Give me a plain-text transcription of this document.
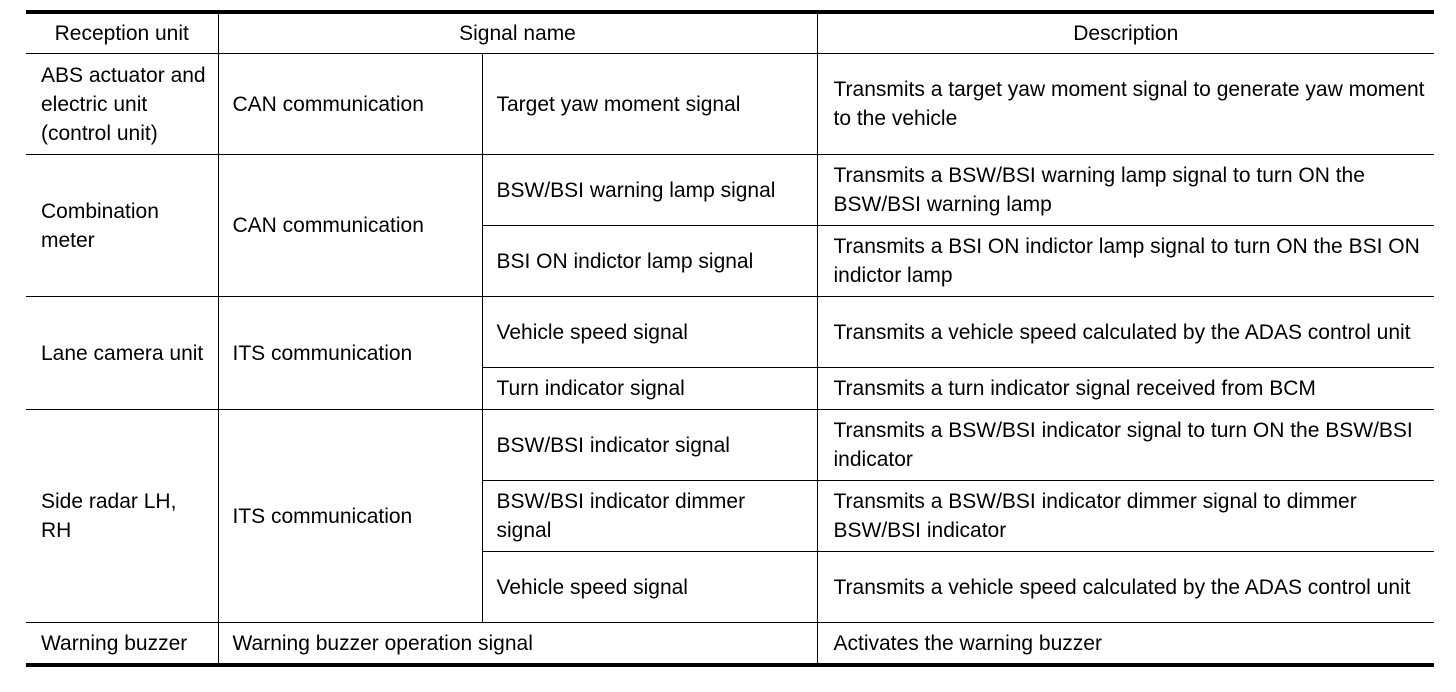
Reception unit	Signal name		Description
ABS actuator and electric unit (control unit)	CAN communication	Target yaw moment signal	Transmits a target yaw moment signal to generate yaw moment to the vehicle
Combination meter	CAN communication	BSW/BSI warning lamp signal	Transmits a BSW/BSI warning lamp signal to turn ON the BSW/BSI warning lamp
		BSI ON indictor lamp signal	Transmits a BSI ON indictor lamp signal to turn ON the BSI ON indictor lamp
Lane camera unit	ITS communication	Vehicle speed signal	Transmits a vehicle speed calculated by the ADAS control unit
		Turn indicator signal	Transmits a turn indicator signal received from BCM
Side radar LH, RH	ITS communication	BSW/BSI indicator signal	Transmits a BSW/BSI indicator signal to turn ON the BSW/BSI indicator
		BSW/BSI indicator dimmer signal	Transmits a BSW/BSI indicator dimmer signal to dimmer BSW/BSI indicator
		Vehicle speed signal	Transmits a vehicle speed calculated by the ADAS control unit
Warning buzzer	Warning buzzer operation signal		Activates the warning buzzer
